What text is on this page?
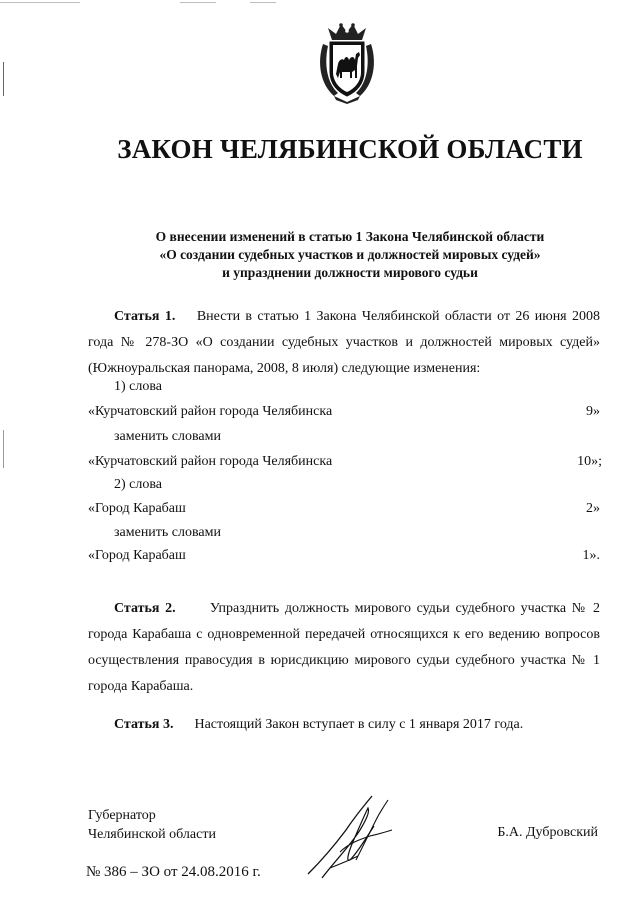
ЗАКОН ЧЕЛЯБИНСКОЙ ОБЛАСТИ
О внесении изменений в статью 1 Закона Челябинской области
«О создании судебных участков и должностей мировых судей»
и упразднении должности мирового судьи
Статья 1. Внести в статью 1 Закона Челябинской области от 26 июня 2008 года № 278-ЗО «О создании судебных участков и должностей мировых судей» (Южноуральская панорама, 2008, 8 июля) следующие изменения:
1) слова
«Курчатовский район города Челябинска	9»
заменить словами
«Курчатовский район города Челябинска	10»;
2) слова
«Город Карабаш	2»
заменить словами
«Город Карабаш	1».
Статья 2. Упразднить должность мирового судьи судебного участка № 2 города Карабаша с одновременной передачей относящихся к его ведению вопросов осуществления правосудия в юрисдикцию мирового судьи судебного участка № 1 города Карабаша.
Статья 3. Настоящий Закон вступает в силу с 1 января 2017 года.
Губернатор
Челябинской области	Б.А. Дубровский
№ 386 – ЗО от 24.08.2016 г.
